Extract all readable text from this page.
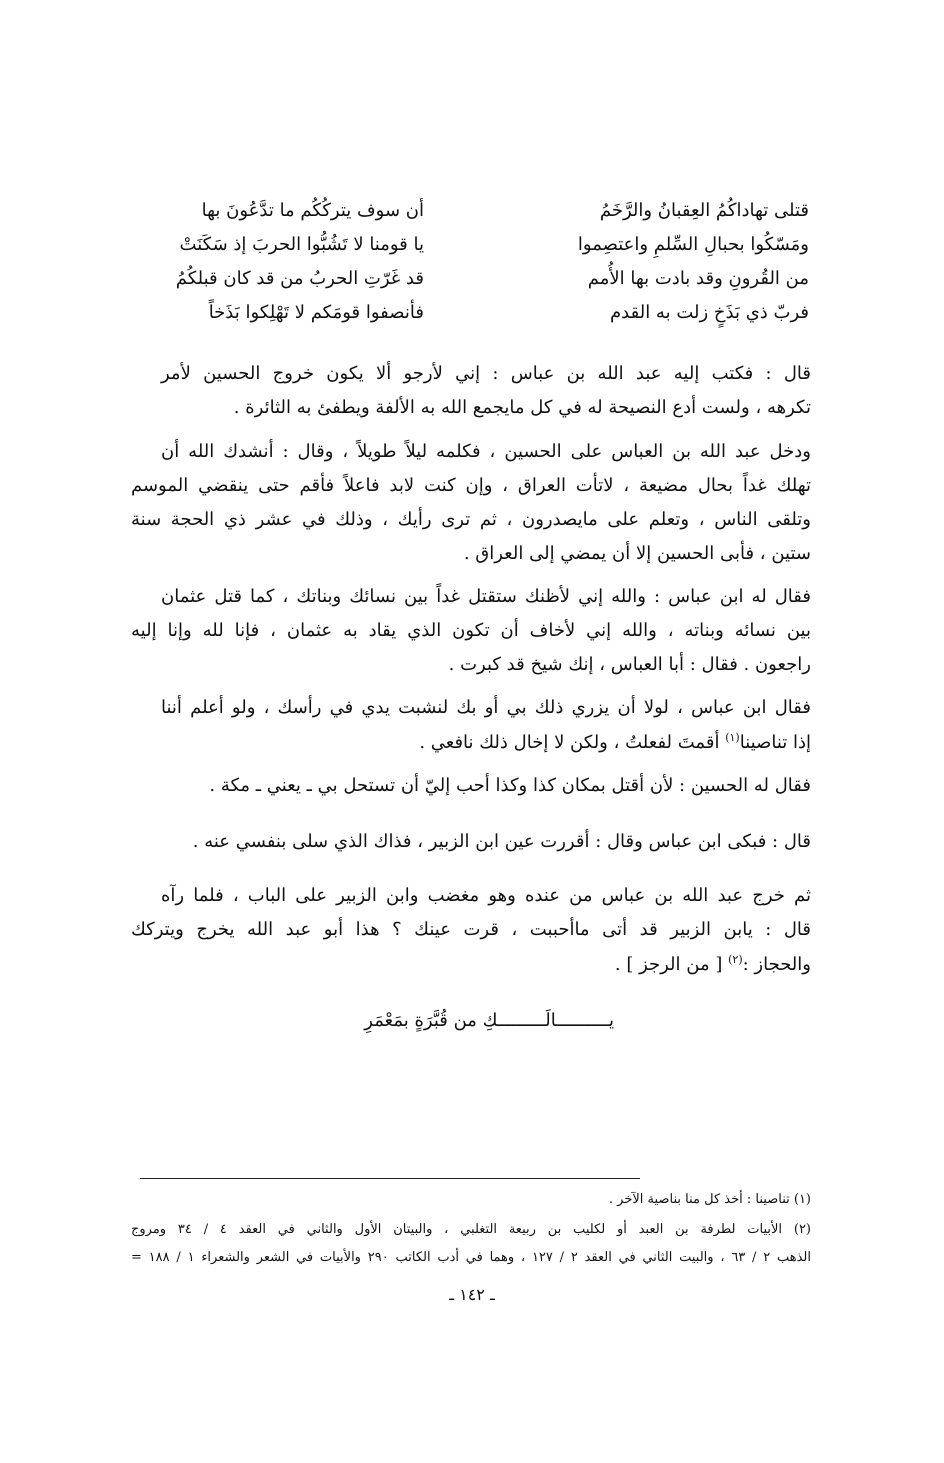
أن سوف يتركُكُم ما تدَّعُونَ بها	قتلى تهاداكُمُ العِقبانُ والرَّخَمُ
يا قومنا لا تَشُبُّوا الحربَ إذ سَكَنَتْ	ومَسّكُوا بحبالِ السِّلمِ واعتصِموا
قد غَرّتِ الحربُ من قد كان قبلكُمُ	من القُرونِ وقد بادت بها الأُمم
فأنصفوا قومَكم لا تَهْلِكوا بَذَخاً	فربّ ذي بَذَخٍ زلت به القدم
قال : فكتب إليه عبد الله بن عباس : إني لأرجو ألا يكون خروج الحسين لأمر
تكرهه ، ولست أدع النصيحة له في كل مايجمع الله به الألفة ويطفئ به الثائرة .
ودخل عبد الله بن العباس على الحسين ، فكلمه ليلاً طويلاً ، وقال : أنشدك الله أن
تهلك غداً بحال مضيعة ، لاتأت العراق ، وإن كنت لابد فاعلاً فأقم حتى ينقضي الموسم
وتلقى الناس ، وتعلم على مايصدرون ، ثم ترى رأيك ، وذلك في عشر ذي الحجة سنة
ستين ، فأبى الحسين إلا أن يمضي إلى العراق .
فقال له ابن عباس : والله إني لأظنك ستقتل غداً بين نسائك وبناتك ، كما قتل عثمان
بين نسائه وبناته ، والله إني لأخاف أن تكون الذي يقاد به عثمان ، فإنا لله وإنا إليه
راجعون . فقال : أبا العباس ، إنك شيخ قد كبرت .
فقال ابن عباس ، لولا أن يزري ذلك بي أو بك لنشبت يدي في رأسك ، ولو أعلم أننا
إذا تناصينا$^{(١)}$ أقمتَ لفعلتُ ، ولكن لا إخال ذلك نافعي .
فقال له الحسين : لأن أقتل بمكان كذا وكذا أحب إليّ أن تستحل بي ـ يعني ـ مكة .
قال : فبكى ابن عباس وقال : أقررت عين ابن الزبير ، فذاك الذي سلى بنفسي عنه .
ثم خرج عبد الله بن عباس من عنده وهو مغضب وابن الزبير على الباب ، فلما رآه
قال : يابن الزبير قد أتى ماأحببت ، قرت عينك ؟ هذا أبو عبد الله يخرج ويتركك
والحجاز :$^{(٢)}$ [ من الرجز ] .
يــــــــــالَـــــــــكِ من قُبَّرَةٍ بمَعْمَرِ
(١) تناصينا : أخذ كل منا بناصية الآخر .
(٢) الأبيات لطرفة بن العبد أو لكليب بن ربيعة التغلبي ، والبيتان الأول والثاني في العقد ٤ / ٣٤ ومروج
الذهب ٢ / ٦٣ ، والبيت الثاني في العقد ٢ / ١٢٧ ، وهما في أدب الكاتب ٢٩٠ والأبيات في الشعر والشعراء ١ / ١٨٨ =
ـ ١٤٢ ـ
